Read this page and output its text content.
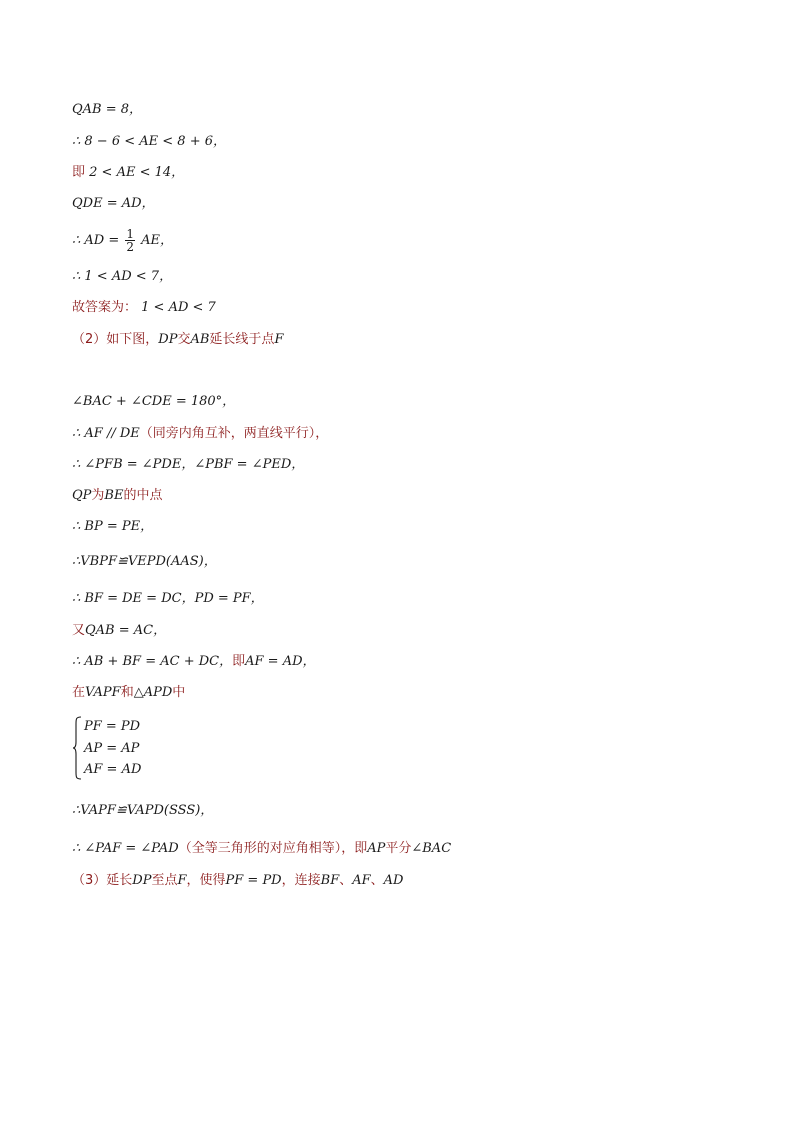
QAB = 8，
∴ 8 − 6 < AE < 8 + 6，
即 2 < AE < 14，
QDE = AD，
∴ AD = $\frac{1}{2}$ AE，
∴ 1 < AD < 7，
故答案为： 1 < AD < 7
（2）如下图，DP交AB延长线于点F
∠BAC + ∠CDE = 180°，
∴ AF // DE（同旁内角互补，两直线平行），
∴ ∠PFB = ∠PDE，∠PBF = ∠PED，
QP为BE的中点
∴ BP = PE，
∴VBPF≌VEPD(AAS)，
∴ BF = DE = DC，PD = PF，
又QAB = AC，
∴ AB + BF = AC + DC，即AF = AD，
在VAPF和△APD中
PF = PD
AP = AP
AF = AD
∴VAPF≌VAPD(SSS)，
∴ ∠PAF = ∠PAD（全等三角形的对应角相等），即AP平分∠BAC
（3）延长DP至点F，使得PF = PD，连接BF、AF、AD
